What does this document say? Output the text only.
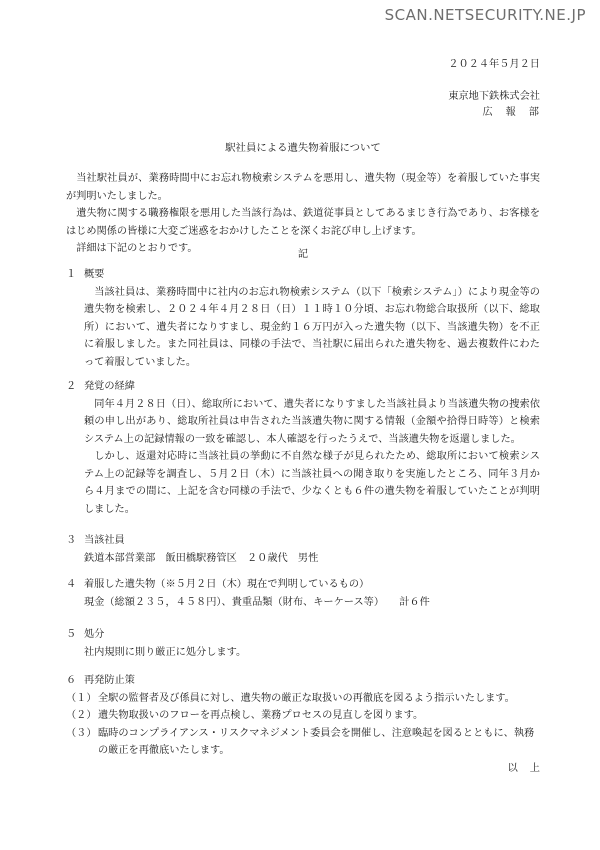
SCAN.NETSECURITY.NE.JP
２０２４年５月２日
東京地下鉄株式会社
広報部
駅社員による遺失物着服について

当社駅社員が、業務時間中にお忘れ物検索システムを悪用し、遺失物（現金等）を着服していた事実が判明いたしました。

遺失物に関する職務権限を悪用した当該行為は、鉄道従事員としてあるまじき行為であり、お客様をはじめ関係の皆様に大変ご迷惑をおかけしたことを深くお詫び申し上げます。

詳細は下記のとおりです。

記

１ 概要

当該社員は、業務時間中に社内のお忘れ物検索システム（以下「検索システム」）により現金等の遺失物を検索し、２０２４年４月２８日（日）１１時１０分頃、お忘れ物総合取扱所（以下、総取所）において、遺失者になりすまし、現金約１６万円が入った遺失物（以下、当該遺失物）を不正に着服しました。また同社員は、同様の手法で、当社駅に届出られた遺失物を、過去複数件にわたって着服していました。

２ 発覚の経緯

同年４月２８日（日）、総取所において、遺失者になりすました当該社員より当該遺失物の捜索依頼の申し出があり、総取所社員は申告された当該遺失物に関する情報（金額や拾得日時等）と検索システム上の記録情報の一致を確認し、本人確認を行ったうえで、当該遺失物を返還しました。

しかし、返還対応時に当該社員の挙動に不自然な様子が見られたため、総取所において検索システム上の記録等を調査し、５月２日（木）に当該社員への聞き取りを実施したところ、同年３月から４月までの間に、上記を含む同様の手法で、少なくとも６件の遺失物を着服していたことが判明しました。

３ 当該社員

鉄道本部営業部　飯田橋駅務管区　２０歳代　男性

４ 着服した遺失物（※５月２日（木）現在で判明しているもの）

現金（総額２３５，４５８円）、貴重品類（財布、キーケース等）　　計６件

５ 処分

社内規則に則り厳正に処分します。

６ 再発防止策

（１） 全駅の監督者及び係員に対し、遺失物の厳正な取扱いの再徹底を図るよう指示いたします。
（２） 遺失物取扱いのフローを再点検し、業務プロセスの見直しを図ります。
（３） 臨時のコンプライアンス・リスクマネジメント委員会を開催し、注意喚起を図るとともに、執務の厳正を再徹底いたします。

以上
